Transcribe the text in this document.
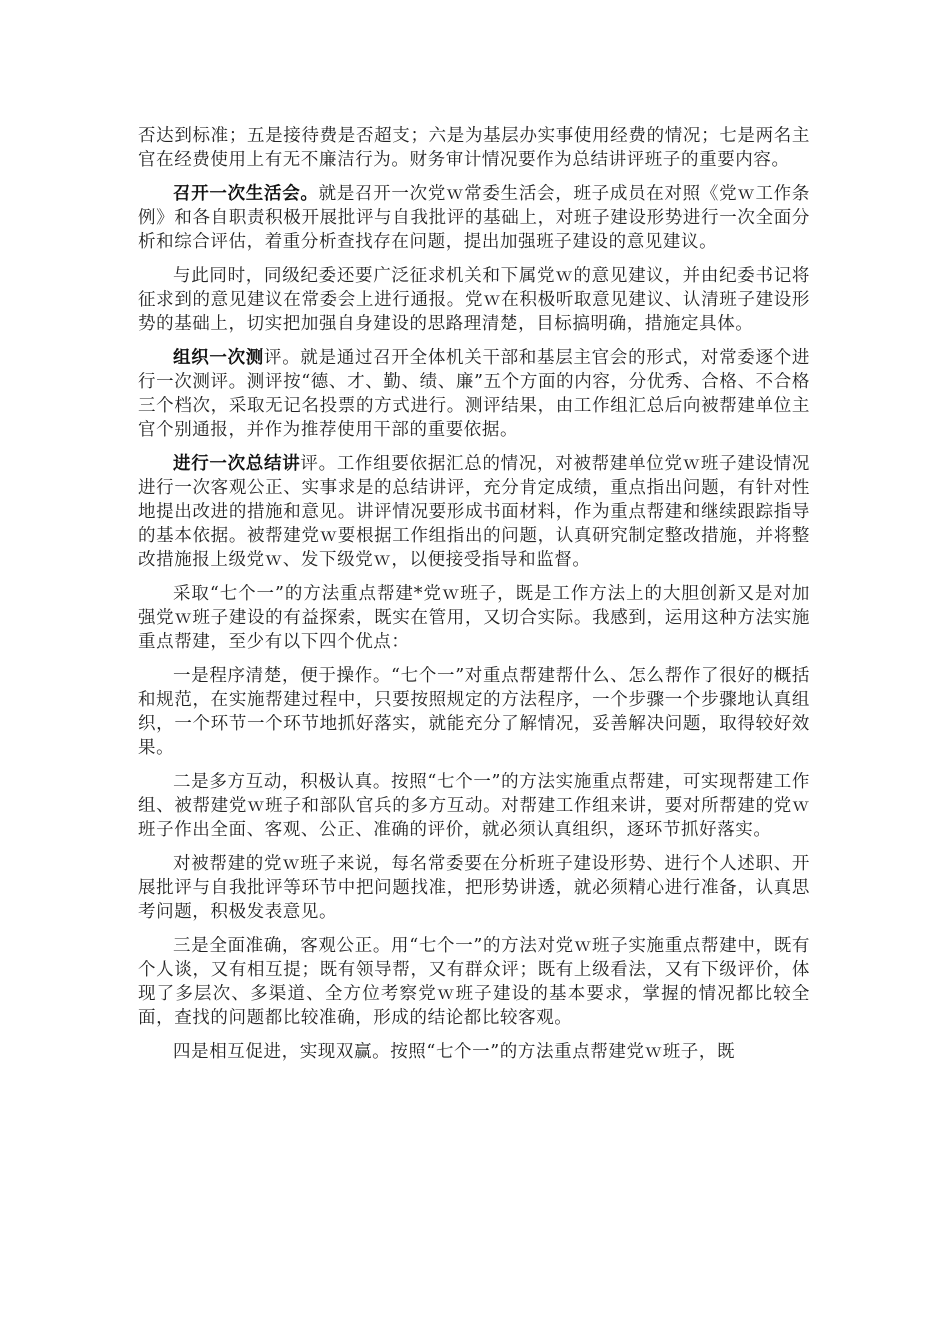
否达到标准；五是接待费是否超支；六是为基层办实事使用经费的情况；七是两名主官在经费使用上有无不廉洁行为。财务审计情况要作为总结讲评班子的重要内容。

召开一次生活会。就是召开一次党ｗ常委生活会，班子成员在对照《党ｗ工作条例》和各自职责积极开展批评与自我批评的基础上，对班子建设形势进行一次全面分析和综合评估，着重分析查找存在问题，提出加强班子建设的意见建议。

与此同时，同级纪委还要广泛征求机关和下属党ｗ的意见建议，并由纪委书记将征求到的意见建议在常委会上进行通报。党ｗ在积极听取意见建议、认清班子建设形势的基础上，切实把加强自身建设的思路理清楚，目标搞明确，措施定具体。

组织一次测评。就是通过召开全体机关干部和基层主官会的形式，对常委逐个进行一次测评。测评按“德、才、勤、绩、廉”五个方面的内容，分优秀、合格、不合格三个档次，采取无记名投票的方式进行。测评结果，由工作组汇总后向被帮建单位主官个别通报，并作为推荐使用干部的重要依据。

进行一次总结讲评。工作组要依据汇总的情况，对被帮建单位党ｗ班子建设情况进行一次客观公正、实事求是的总结讲评，充分肯定成绩，重点指出问题，有针对性地提出改进的措施和意见。讲评情况要形成书面材料，作为重点帮建和继续跟踪指导的基本依据。被帮建党ｗ要根据工作组指出的问题，认真研究制定整改措施，并将整改措施报上级党ｗ、发下级党ｗ，以便接受指导和监督。

采取“七个一”的方法重点帮建*党ｗ班子，既是工作方法上的大胆创新又是对加强党ｗ班子建设的有益探索，既实在管用，又切合实际。我感到，运用这种方法实施重点帮建，至少有以下四个优点：

一是程序清楚，便于操作。“七个一”对重点帮建帮什么、怎么帮作了很好的概括和规范，在实施帮建过程中，只要按照规定的方法程序，一个步骤一个步骤地认真组织，一个环节一个环节地抓好落实，就能充分了解情况，妥善解决问题，取得较好效果。

二是多方互动，积极认真。按照“七个一”的方法实施重点帮建，可实现帮建工作组、被帮建党ｗ班子和部队官兵的多方互动。对帮建工作组来讲，要对所帮建的党ｗ班子作出全面、客观、公正、准确的评价，就必须认真组织，逐环节抓好落实。

对被帮建的党ｗ班子来说，每名常委要在分析班子建设形势、进行个人述职、开展批评与自我批评等环节中把问题找准，把形势讲透，就必须精心进行准备，认真思考问题，积极发表意见。

三是全面准确，客观公正。用“七个一”的方法对党ｗ班子实施重点帮建中，既有个人谈，又有相互提；既有领导帮，又有群众评；既有上级看法，又有下级评价，体现了多层次、多渠道、全方位考察党ｗ班子建设的基本要求，掌握的情况都比较全面，查找的问题都比较准确，形成的结论都比较客观。

四是相互促进，实现双赢。按照“七个一”的方法重点帮建党ｗ班子，既
